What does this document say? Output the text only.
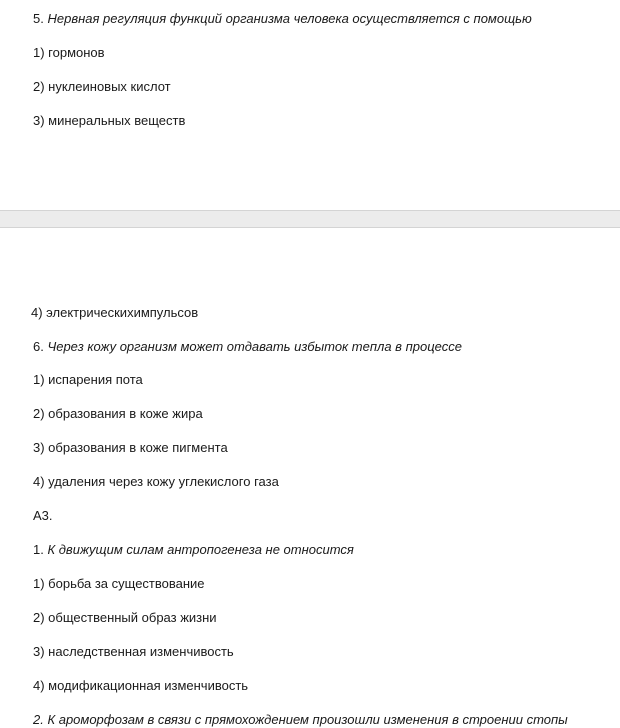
5. Нервная регуляция функций организма человека осуществляется с помощью
1) гормонов
2) нуклеиновых кислот
3) минеральных веществ
4) электрическихимпульсов
6. Через кожу организм может отдавать избыток тепла в процессе
1) испарения пота
2) образования в коже жира
3) образования в коже пигмента
4) удаления через кожу углекислого газа
А3.
1. К движущим силам антропогенеза не относится
1) борьба за существование
2) общественный образ жизни
3) наследственная изменчивость
4) модификационная изменчивость
2. К ароморфозам в связи с прямохождением произошли изменения в строении стопы
